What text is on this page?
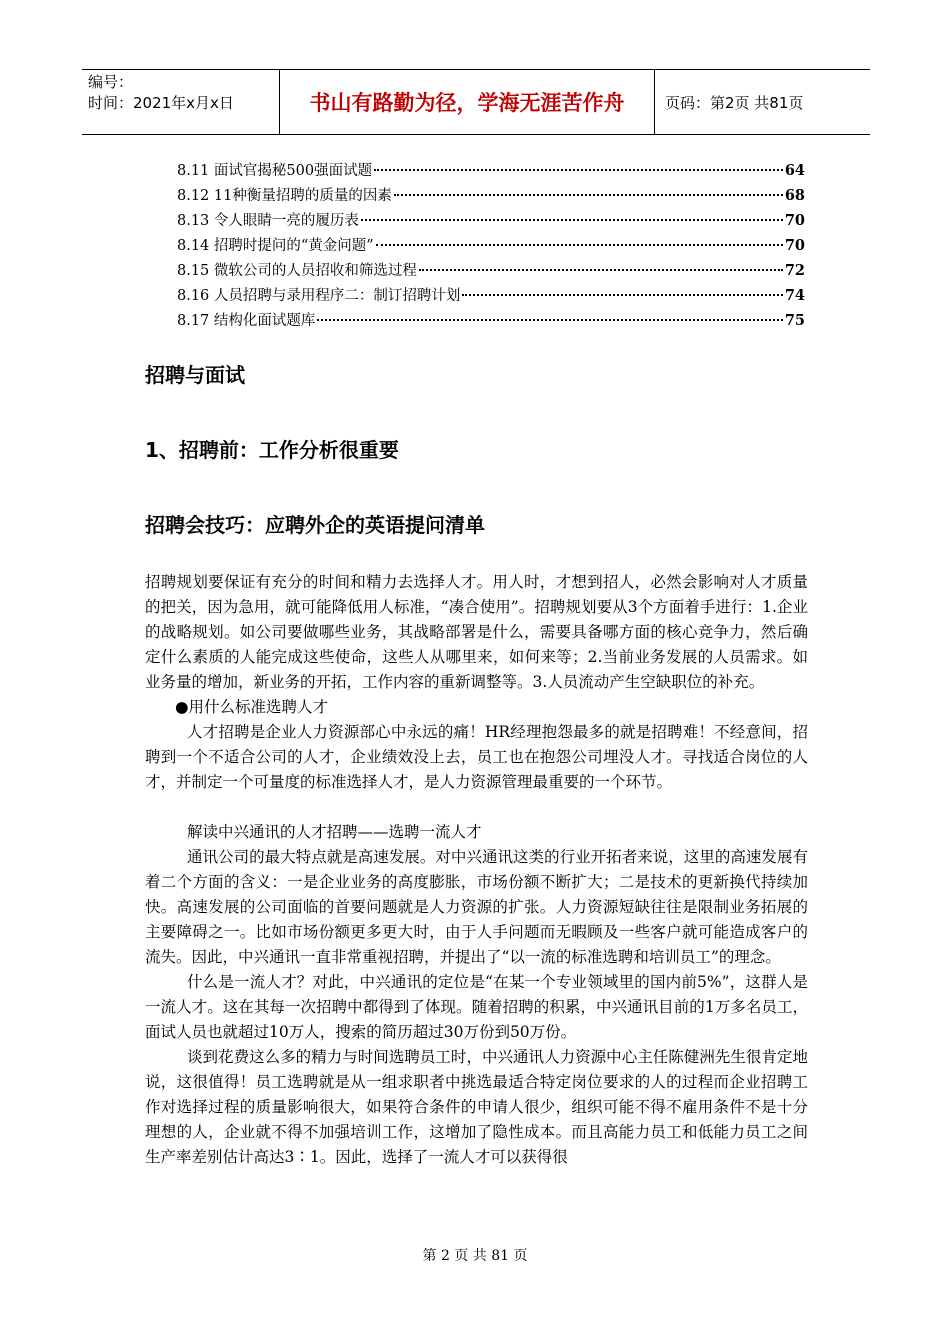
编号：
时间：2021年x月x日	书山有路勤为径，学海无涯苦作舟	页码：第2页 共81页
8.11 面试官揭秘500强面试题	64
8.12 11种衡量招聘的质量的因素	68
8.13 令人眼睛一亮的履历表	70
8.14 招聘时提问的“黄金问题”	70
8.15 微软公司的人员招收和筛选过程	72
8.16 人员招聘与录用程序二：制订招聘计划	74
8.17 结构化面试题库	75
招聘与面试
1、招聘前：工作分析很重要
招聘会技巧：应聘外企的英语提问清单

招聘规划要保证有充分的时间和精力去选择人才。用人时，才想到招人，必然会影响对人才质量的把关，因为急用，就可能降低用人标准，“凑合使用”。招聘规划要从3个方面着手进行：1.企业的战略规划。如公司要做哪些业务，其战略部署是什么，需要具备哪方面的核心竞争力，然后确定什么素质的人能完成这些使命，这些人从哪里来，如何来等；2.当前业务发展的人员需求。如业务量的增加，新业务的开拓，工作内容的重新调整等。3.人员流动产生空缺职位的补充。

●用什么标准选聘人才

人才招聘是企业人力资源部心中永远的痛！HR经理抱怨最多的就是招聘难！不经意间，招聘到一个不适合公司的人才，企业绩效没上去，员工也在抱怨公司埋没人才。寻找适合岗位的人才，并制定一个可量度的标准选择人才，是人力资源管理最重要的一个环节。

解读中兴通讯的人才招聘——选聘一流人才

通讯公司的最大特点就是高速发展。对中兴通讯这类的行业开拓者来说，这里的高速发展有着二个方面的含义：一是企业业务的高度膨胀，市场份额不断扩大；二是技术的更新换代持续加快。高速发展的公司面临的首要问题就是人力资源的扩张。人力资源短缺往往是限制业务拓展的主要障碍之一。比如市场份额更多更大时，由于人手问题而无暇顾及一些客户就可能造成客户的流失。因此，中兴通讯一直非常重视招聘，并提出了“以一流的标准选聘和培训员工”的理念。

什么是一流人才？对此，中兴通讯的定位是“在某一个专业领域里的国内前5%”，这群人是一流人才。这在其每一次招聘中都得到了体现。随着招聘的积累，中兴通讯目前的1万多名员工，面试人员也就超过10万人，搜索的简历超过30万份到50万份。

谈到花费这么多的精力与时间选聘员工时，中兴通讯人力资源中心主任陈健洲先生很肯定地说，这很值得！员工选聘就是从一组求职者中挑选最适合特定岗位要求的人的过程而企业招聘工作对选择过程的质量影响很大，如果符合条件的申请人很少，组织可能不得不雇用条件不是十分理想的人，企业就不得不加强培训工作，这增加了隐性成本。而且高能力员工和低能力员工之间生产率差别估计高达3∶1。因此，选择了一流人才可以获得很

第 2 页 共 81 页
